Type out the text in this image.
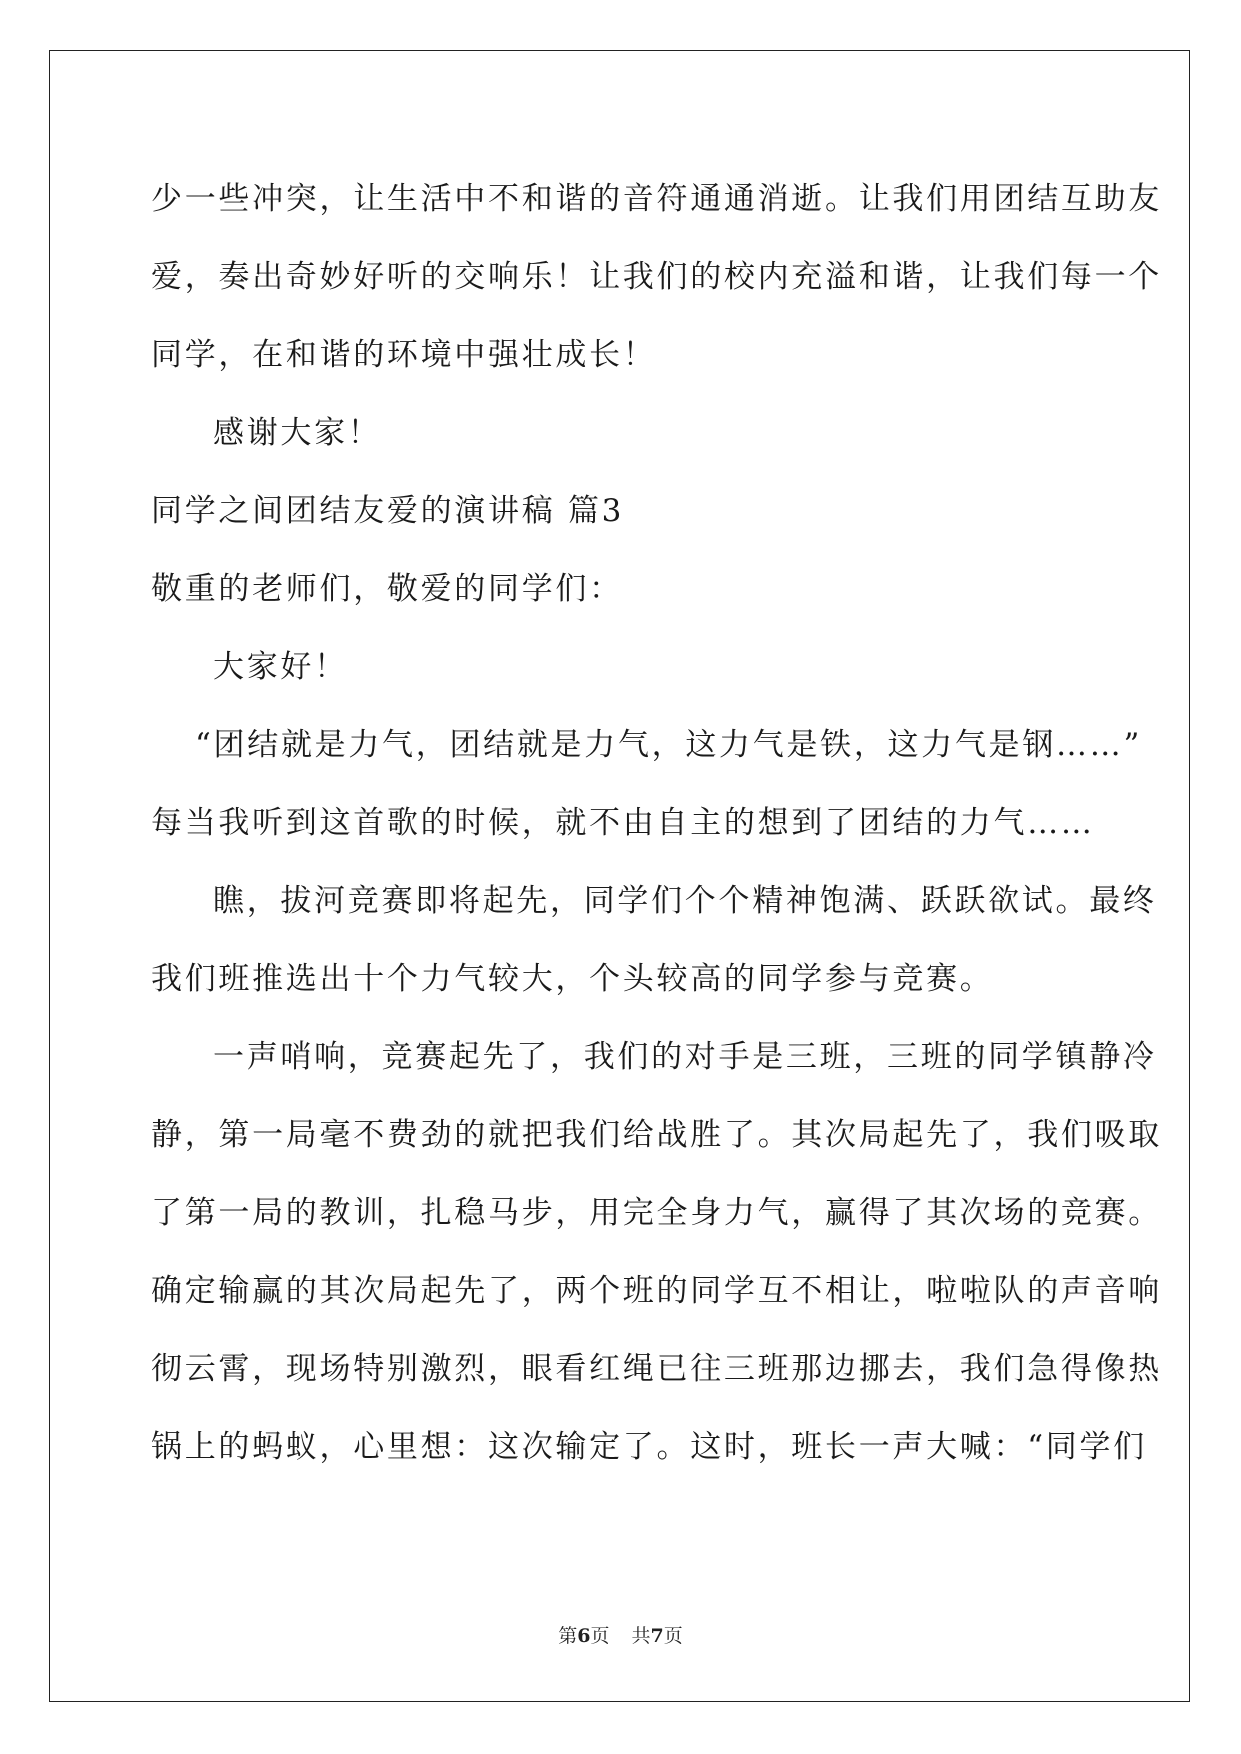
少一些冲突，让生活中不和谐的音符通通消逝。让我们用团结互助友
爱，奏出奇妙好听的交响乐！让我们的校内充溢和谐，让我们每一个
同学，在和谐的环境中强壮成长！
感谢大家！
同学之间团结友爱的演讲稿 篇3
敬重的老师们，敬爱的同学们：
大家好！
“团结就是力气，团结就是力气，这力气是铁，这力气是钢……”
每当我听到这首歌的时候，就不由自主的想到了团结的力气……
瞧，拔河竞赛即将起先，同学们个个精神饱满、跃跃欲试。最终
我们班推选出十个力气较大，个头较高的同学参与竞赛。
一声哨响，竞赛起先了，我们的对手是三班，三班的同学镇静冷
静，第一局毫不费劲的就把我们给战胜了。其次局起先了，我们吸取
了第一局的教训，扎稳马步，用完全身力气，赢得了其次场的竞赛。
确定输赢的其次局起先了，两个班的同学互不相让，啦啦队的声音响
彻云霄，现场特别激烈，眼看红绳已往三班那边挪去，我们急得像热
锅上的蚂蚁，心里想：这次输定了。这时，班长一声大喊：“同学们
第6页 共7页
